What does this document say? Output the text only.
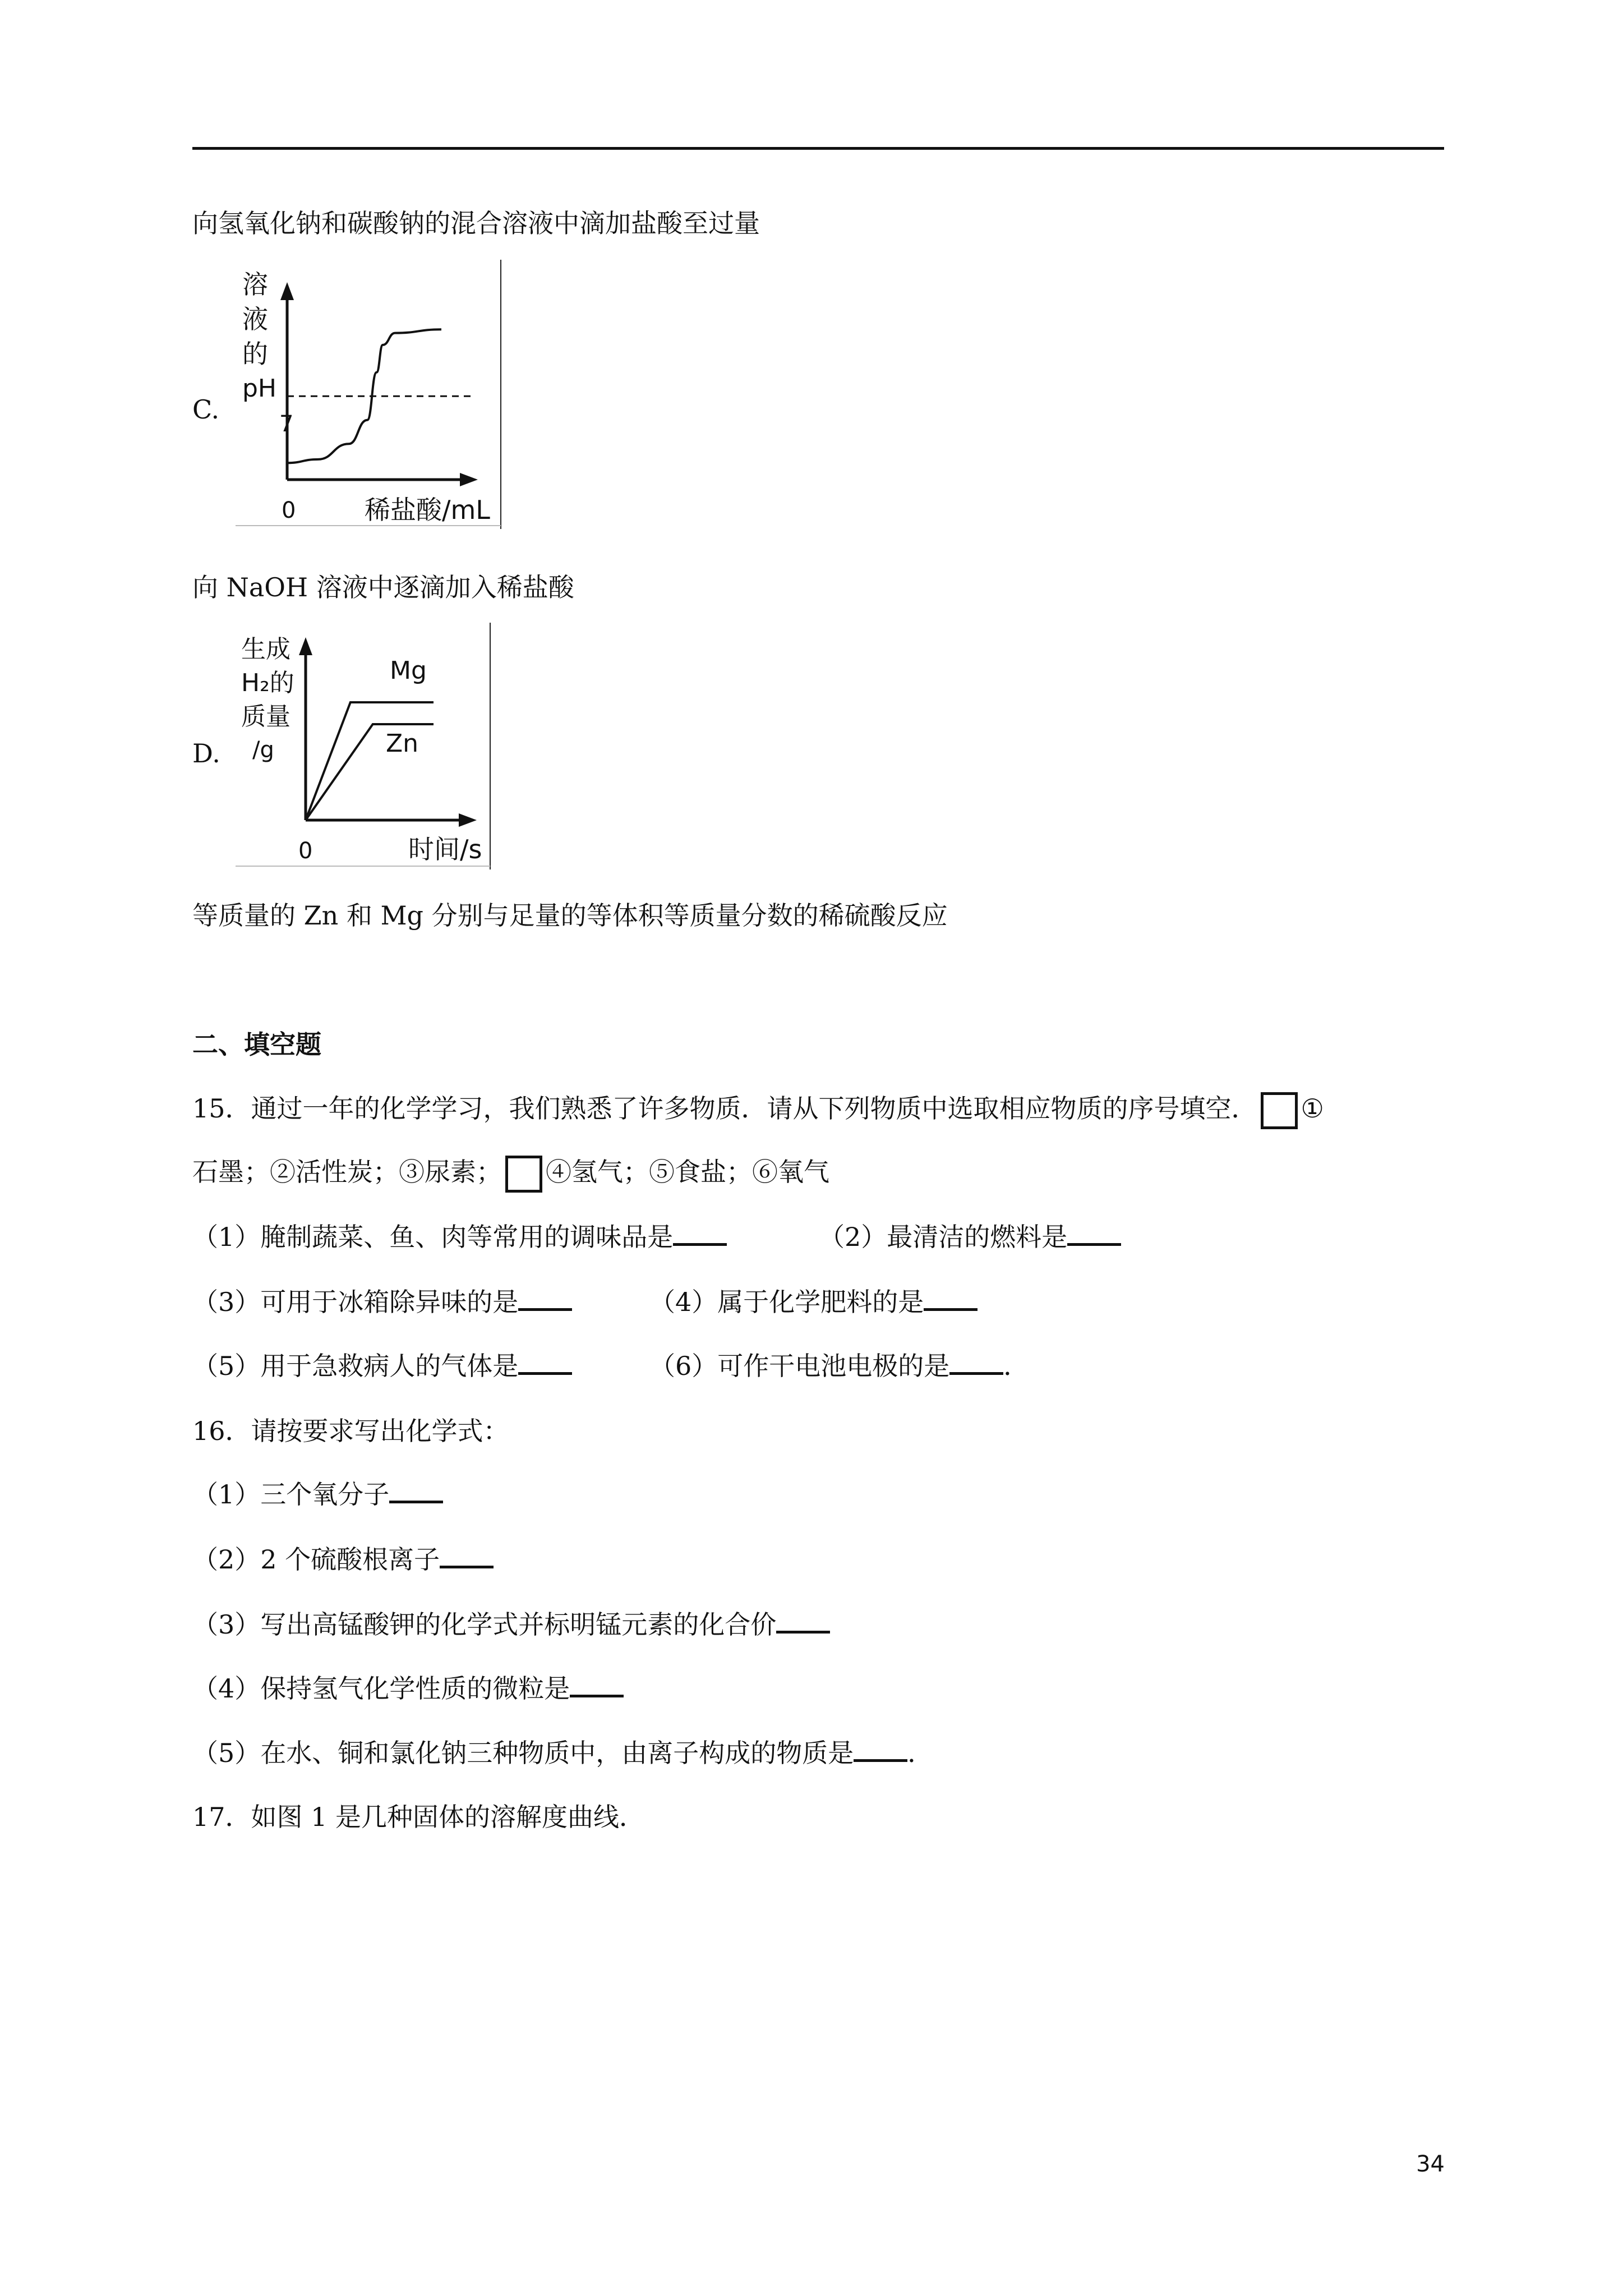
向氢氧化钠和碳酸钠的混合溶液中滴加盐酸至过量
C.
溶
液
的
pH
7
0	稀盐酸/mL
向 NaOH 溶液中逐滴加入稀盐酸
D.
生成
H₂的
质量
/g
Mg
Zn
0	时间/s
等质量的 Zn 和 Mg 分别与足量的等体积等质量分数的稀硫酸反应
二、填空题
15．通过一年的化学学习，我们熟悉了许多物质．请从下列物质中选取相应物质的序号填空． ①
石墨；②活性炭；③尿素； ④氢气；⑤食盐；⑥氧气
（1）腌制蔬菜、鱼、肉等常用的调味品是	（2）最清洁的燃料是
（3）可用于冰箱除异味的是	（4）属于化学肥料的是
（5）用于急救病人的气体是	（6）可作干电池电极的是 ．
16．请按要求写出化学式：
（1）三个氧分子
（2）2 个硫酸根离子
（3）写出高锰酸钾的化学式并标明锰元素的化合价
（4）保持氢气化学性质的微粒是
（5）在水、铜和氯化钠三种物质中，由离子构成的物质是 ．
17．如图 1 是几种固体的溶解度曲线．
34
